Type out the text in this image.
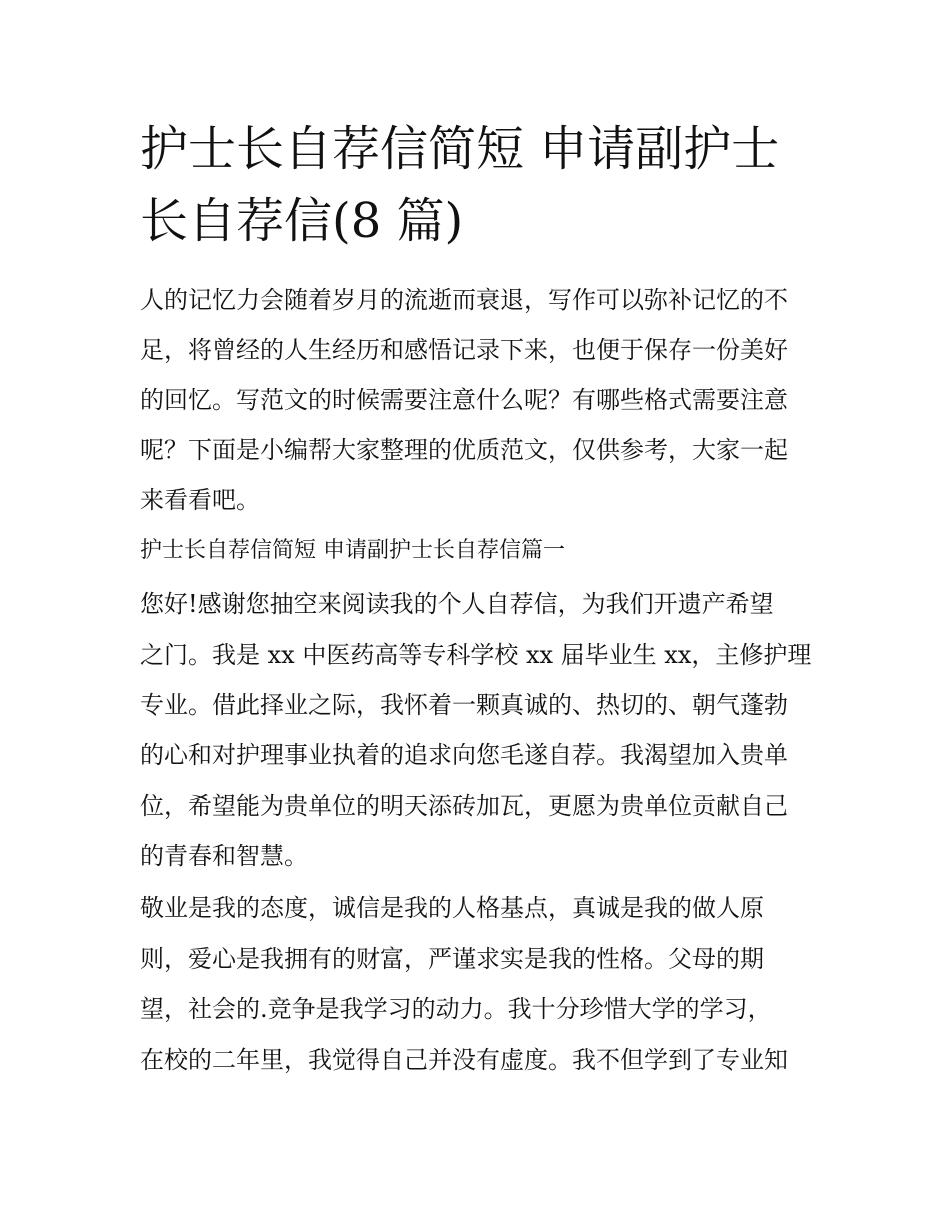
护士长自荐信简短 申请副护士
长自荐信(8 篇)

人的记忆力会随着岁月的流逝而衰退，写作可以弥补记忆的不

足，将曾经的人生经历和感悟记录下来，也便于保存一份美好

的回忆。写范文的时候需要注意什么呢？有哪些格式需要注意

呢？下面是小编帮大家整理的优质范文，仅供参考，大家一起

来看看吧。

护士长自荐信简短 申请副护士长自荐信篇一

您好!感谢您抽空来阅读我的个人自荐信，为我们开遗产希望

之门。我是 xx 中医药高等专科学校 xx 届毕业生 xx，主修护理

专业。借此择业之际，我怀着一颗真诚的、热切的、朝气蓬勃

的心和对护理事业执着的追求向您毛遂自荐。我渴望加入贵单

位，希望能为贵单位的明天添砖加瓦，更愿为贵单位贡献自己

的青春和智慧。

敬业是我的态度，诚信是我的人格基点，真诚是我的做人原

则，爱心是我拥有的财富，严谨求实是我的性格。父母的期

望，社会的.竞争是我学习的动力。我十分珍惜大学的学习，

在校的二年里，我觉得自己并没有虚度。我不但学到了专业知
